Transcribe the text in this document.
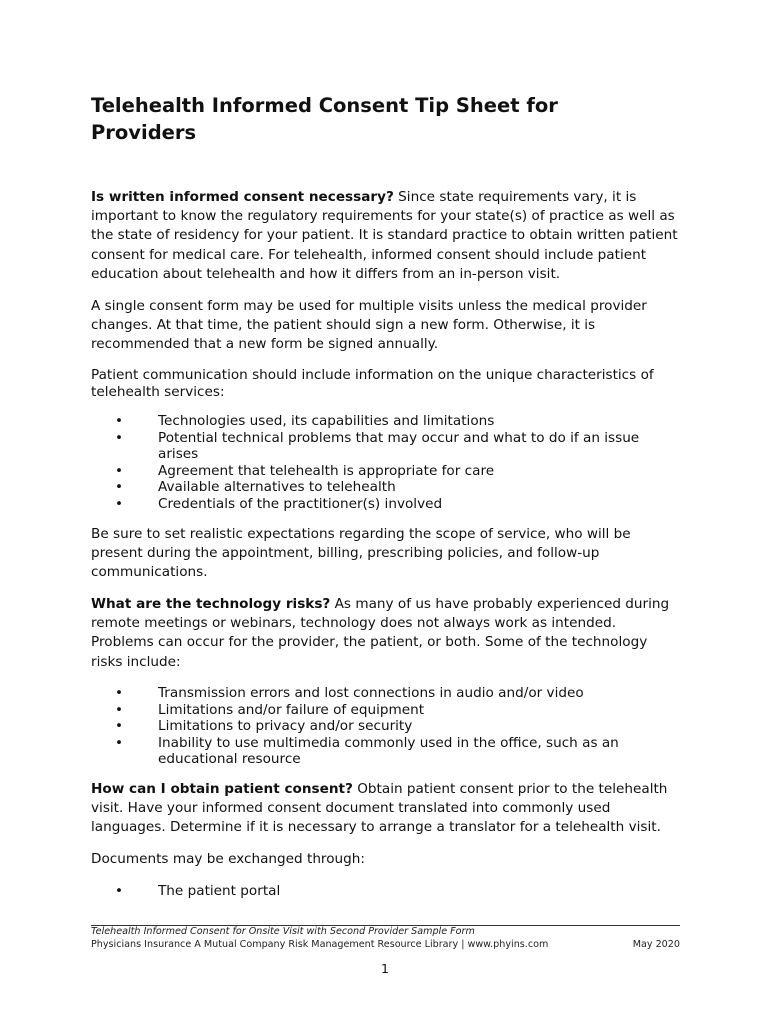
Telehealth Informed Consent Tip Sheet for Providers

Is written informed consent necessary? Since state requirements vary, it is important to know the regulatory requirements for your state(s) of practice as well as the state of residency for your patient. It is standard practice to obtain written patient consent for medical care. For telehealth, informed consent should include patient education about telehealth and how it differs from an in-person visit.

A single consent form may be used for multiple visits unless the medical provider changes. At that time, the patient should sign a new form. Otherwise, it is recommended that a new form be signed annually.

Patient communication should include information on the unique characteristics of telehealth services:

•	Technologies used, its capabilities and limitations
•	Potential technical problems that may occur and what to do if an issue arises
•	Agreement that telehealth is appropriate for care
•	Available alternatives to telehealth
•	Credentials of the practitioner(s) involved

Be sure to set realistic expectations regarding the scope of service, who will be present during the appointment, billing, prescribing policies, and follow-up communications.

What are the technology risks? As many of us have probably experienced during remote meetings or webinars, technology does not always work as intended. Problems can occur for the provider, the patient, or both. Some of the technology risks include:

•	Transmission errors and lost connections in audio and/or video
•	Limitations and/or failure of equipment
•	Limitations to privacy and/or security
•	Inability to use multimedia commonly used in the office, such as an educational resource

How can I obtain patient consent? Obtain patient consent prior to the telehealth visit. Have your informed consent document translated into commonly used languages. Determine if it is necessary to arrange a translator for a telehealth visit.

Documents may be exchanged through:

•	The patient portal
Telehealth Informed Consent for Onsite Visit with Second Provider Sample Form
Physicians Insurance A Mutual Company Risk Management Resource Library | www.phyins.com	May 2020
1
